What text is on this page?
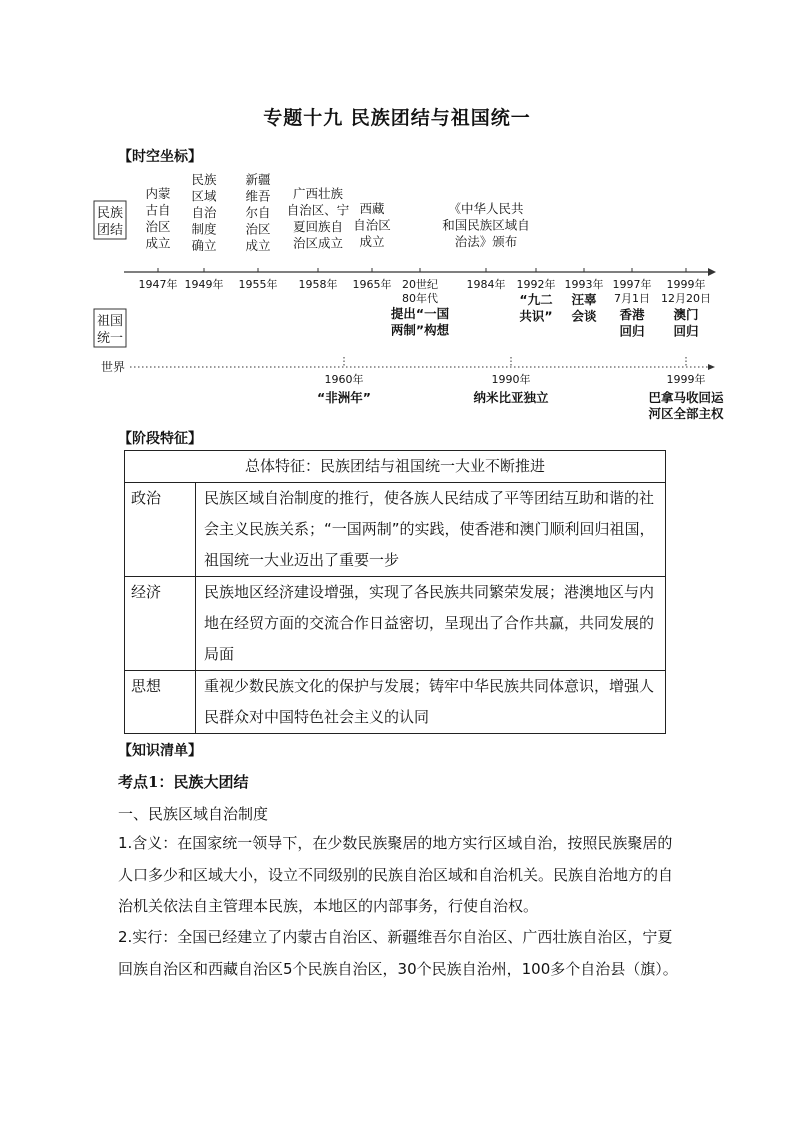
专题十九 民族团结与祖国统一
【时空坐标】
民族
团结
祖国
统一
世界
1947年
内蒙
古自
治区
成立
1949年
民族
区域
自治
制度
确立
1955年
新疆
维吾
尔自
治区
成立
1958年
广西壮族
自治区、宁
夏回族自
治区成立
1965年
西藏
自治区
成立
20世纪
80年代
提出“一国
两制”构想
1984年
《中华人民共
和国民族区域自
治法》颁布
1992年
“九二
共识”
1993年
汪辜
会谈
1997年
7月1日
香港
回归
1999年
12月20日
澳门
回归
1960年
“非洲年”
1990年
纳米比亚独立
1999年
巴拿马收回运
河区全部主权
【阶段特征】
总体特征：民族团结与祖国统一大业不断推进	
政治	民族区域自治制度的推行，使各族人民结成了平等团结互助和谐的社会主义民族关系；“一国两制”的实践，使香港和澳门顺利回归祖国，祖国统一大业迈出了重要一步
经济	民族地区经济建设增强，实现了各民族共同繁荣发展；港澳地区与内地在经贸方面的交流合作日益密切，呈现出了合作共赢，共同发展的局面
思想	重视少数民族文化的保护与发展；铸牢中华民族共同体意识，增强人民群众对中国特色社会主义的认同
【知识清单】
考点1：民族大团结
一、民族区域自治制度
1.含义：在国家统一领导下，在少数民族聚居的地方实行区域自治，按照民族聚居的人口多少和区域大小，设立不同级别的民族自治区域和自治机关。民族自治地方的自治机关依法自主管理本民族，本地区的内部事务，行使自治权。
2.实行：全国已经建立了内蒙古自治区、新疆维吾尔自治区、广西壮族自治区，宁夏回族自治区和西藏自治区5个民族自治区，30个民族自治州，100多个自治县（旗）。
